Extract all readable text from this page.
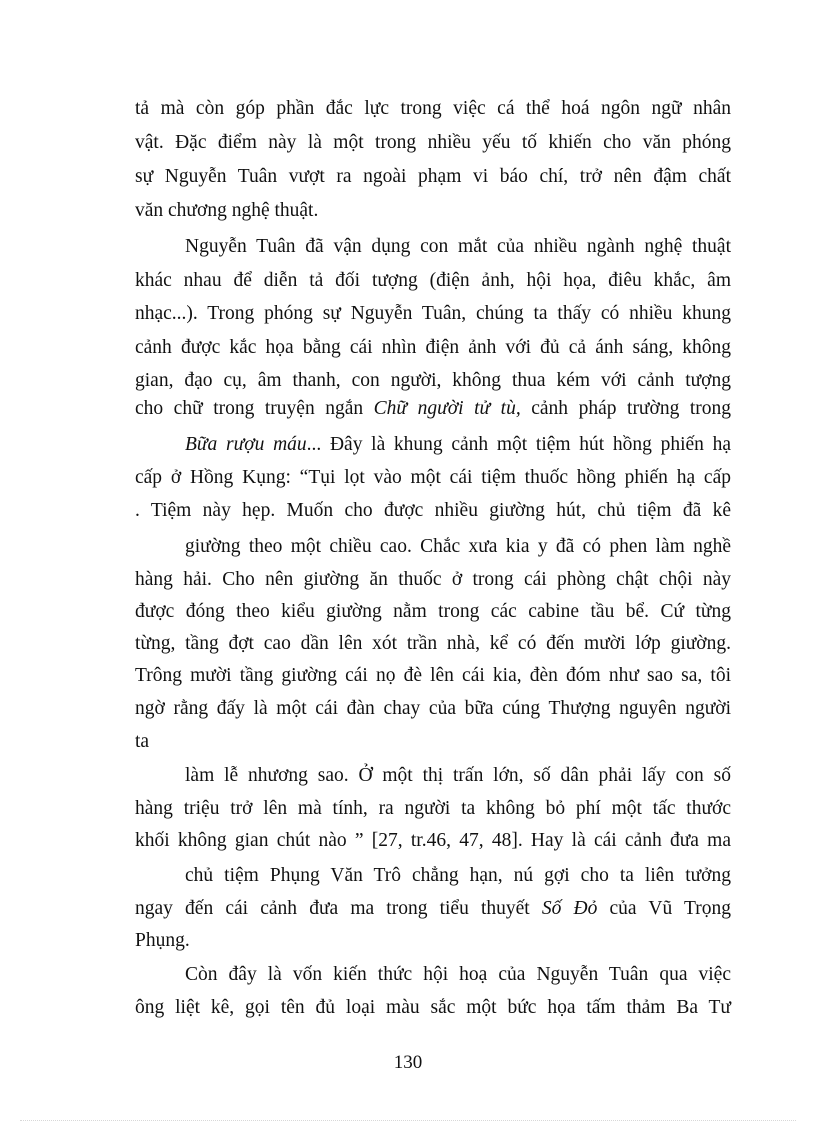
tả mà còn góp phần đắc lực trong việc cá thể hoá ngôn ngữ nhân
vật. Đặc điểm này là một trong nhiều yếu tố khiến cho văn phóng
sự Nguyễn Tuân vượt ra ngoài phạm vi báo chí, trở nên đậm chất
văn chương nghệ thuật.
Nguyễn Tuân đã vận dụng con mắt của nhiều ngành nghệ thuật
khác nhau để diễn tả đối tượng (điện ảnh, hội họa, điêu khắc, âm
nhạc...). Trong phóng sự Nguyễn Tuân, chúng ta thấy có nhiều khung
cảnh được kắc họa bằng cái nhìn điện ảnh với đủ cả ánh sáng, không
gian, đạo cụ, âm thanh, con người, không thua kém với cảnh tượng
cho chữ trong truyện ngắn Chữ người tử tù, cảnh pháp trường trong
Bữa rượu máu... Đây là khung cảnh một tiệm hút hồng phiến hạ
cấp ở Hồng Kụng: “Tụi lọt vào một cái tiệm thuốc hồng phiến hạ cấp
. Tiệm này hẹp. Muốn cho được nhiều giường hút, chủ tiệm đã kê
giường theo một chiều cao. Chắc xưa kia y đã có phen làm nghề
hàng hải. Cho nên giường ăn thuốc ở trong cái phòng chật chội này
được đóng theo kiểu giường nằm trong các cabine tầu bể. Cứ từng
từng, tầng đợt cao dần lên xót trần nhà, kể có đến mười lớp giường.
Trông mười tầng giường cái nọ đè lên cái kia, đèn đóm như sao sa, tôi
ngờ rằng đấy là một cái đàn chay của bữa cúng Thượng nguyên người
ta
làm lễ nhương sao. Ở một thị trấn lớn, số dân phải lấy con số
hàng triệu trở lên mà tính, ra người ta không bỏ phí một tấc thước
khối không gian chút nào ” [27, tr.46, 47, 48]. Hay là cái cảnh đưa ma
chủ tiệm Phụng Văn Trô chẳng hạn, nú gợi cho ta liên tưởng
ngay đến cái cảnh đưa ma trong tiểu thuyết Số Đỏ của Vũ Trọng
Phụng.
Còn đây là vốn kiến thức hội hoạ của Nguyễn Tuân qua việc
ông liệt kê, gọi tên đủ loại màu sắc một bức họa tấm thảm Ba Tư
130
